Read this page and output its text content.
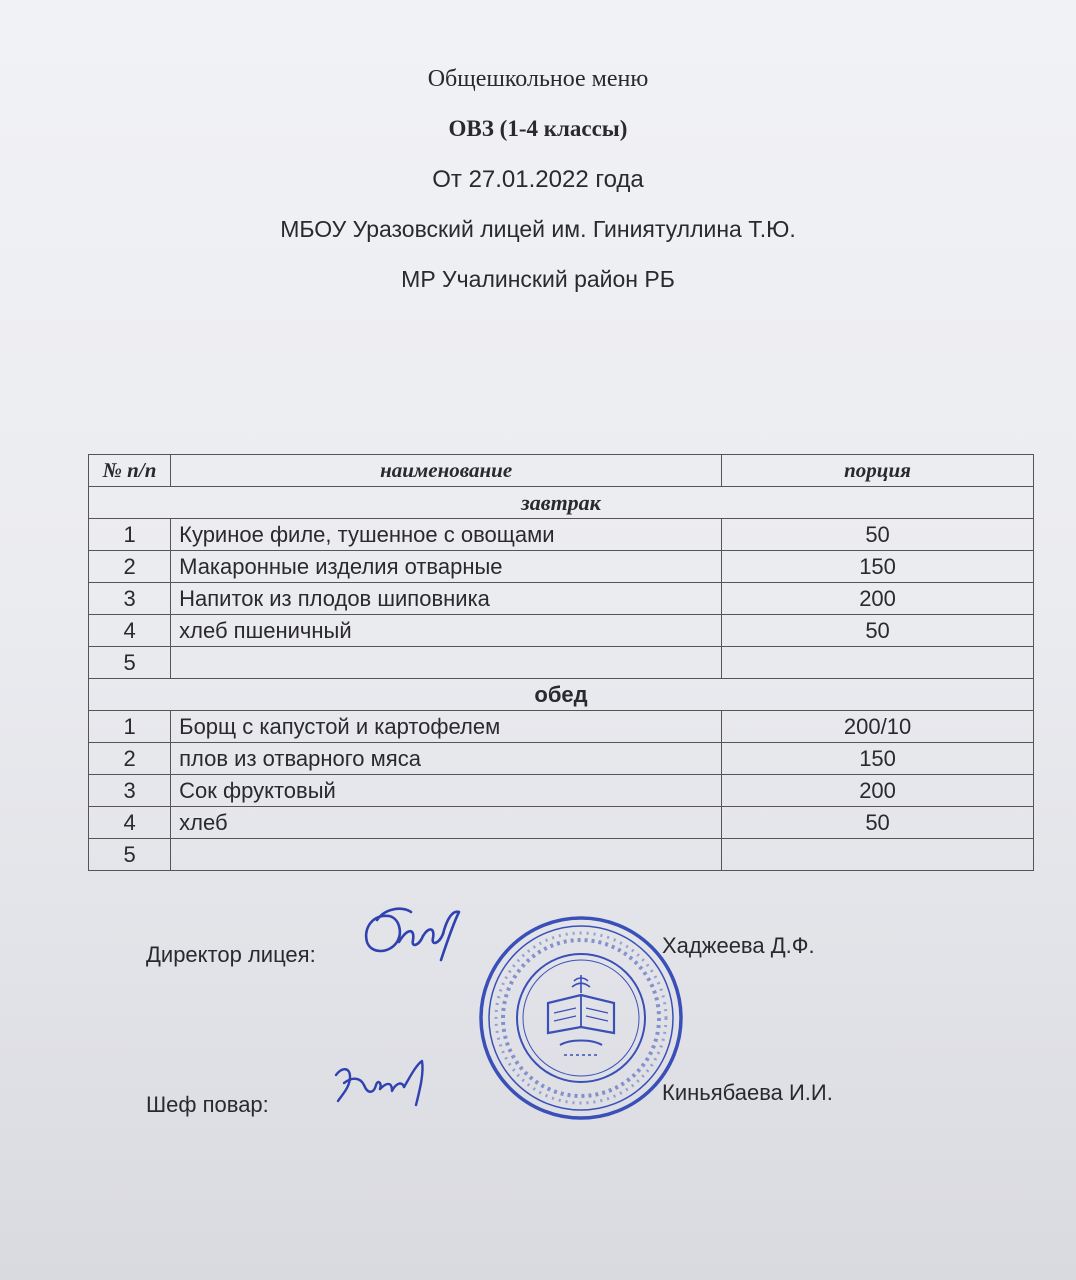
Общешкольное меню
ОВЗ (1-4 классы)
От 27.01.2022 года
МБОУ Уразовский лицей им. Гиниятуллина Т.Ю.
МР Учалинский район РБ
№ п/п	наименование	порция
завтрак		
1	Куриное филе, тушенное с овощами	50
2	Макаронные изделия отварные	150
3	Напиток из плодов шиповника	200
4	хлеб пшеничный	50
5		
обед		
1	Борщ с капустой и картофелем	200/10
2	плов из отварного мяса	150
3	Сок фруктовый	200
4	хлеб	50
5		
Директор лицея:	Хаджеева Д.Ф.
Шеф повар:	Киньябаева И.И.
